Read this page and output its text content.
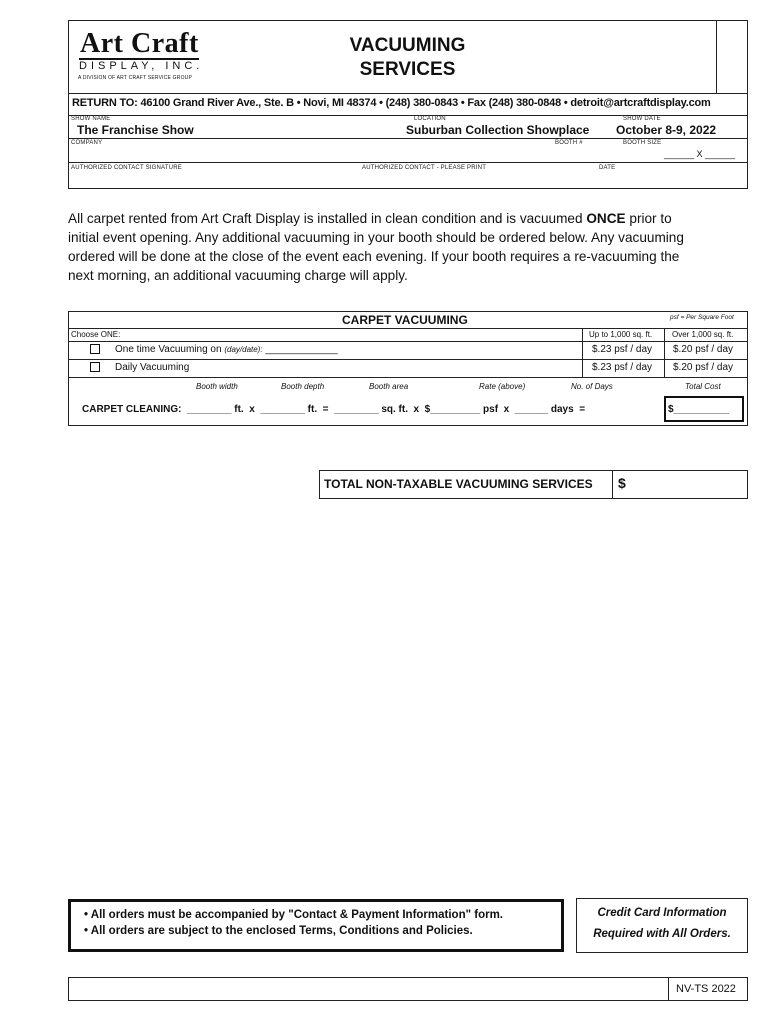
Art Craft
DISPLAY, INC.
A DIVISION OF ART CRAFT SERVICE GROUP
VACUUMING
SERVICES
RETURN TO: 46100 Grand River Ave., Ste. B • Novi, MI 48374 • (248) 380-0843 • Fax (248) 380-0848 • detroit@artcraftdisplay.com
SHOW NAME
The Franchise Show
LOCATION
Suburban Collection Showplace
SHOW DATE
October 8-9, 2022
COMPANY	BOOTH #	BOOTH SIZE
______ X ______
AUTHORIZED CONTACT SIGNATURE	AUTHORIZED CONTACT - PLEASE PRINT	DATE
All carpet rented from Art Craft Display is installed in clean condition and is vacuumed ONCE prior to
initial event opening. Any additional vacuuming in your booth should be ordered below. Any vacuuming
ordered will be done at the close of the event each evening. If your booth requires a re-vacuuming the
next morning, an additional vacuuming charge will apply.
CARPET VACUUMING	psf = Per Square Foot
Choose ONE:	Up to 1,000 sq. ft. Over 1,000 sq. ft.
One time Vacuuming on (day/date): _____________	$.23 psf / day $.20 psf / day
Daily Vacuuming	$.23 psf / day $.20 psf / day
Booth width	Booth depth	Booth area	Rate (above)	No. of Days	Total Cost
CARPET CLEANING:  ________ ft.  x  ________ ft.  =  ________ sq. ft.  x  $_________ psf  x  ______ days  =	$__________
TOTAL NON-TAXABLE VACUUMING SERVICES $
• All orders must be accompanied by "Contact & Payment Information" form.
• All orders are subject to the enclosed Terms, Conditions and Policies.
Credit Card Information
Required with All Orders.
NV-TS 2022
